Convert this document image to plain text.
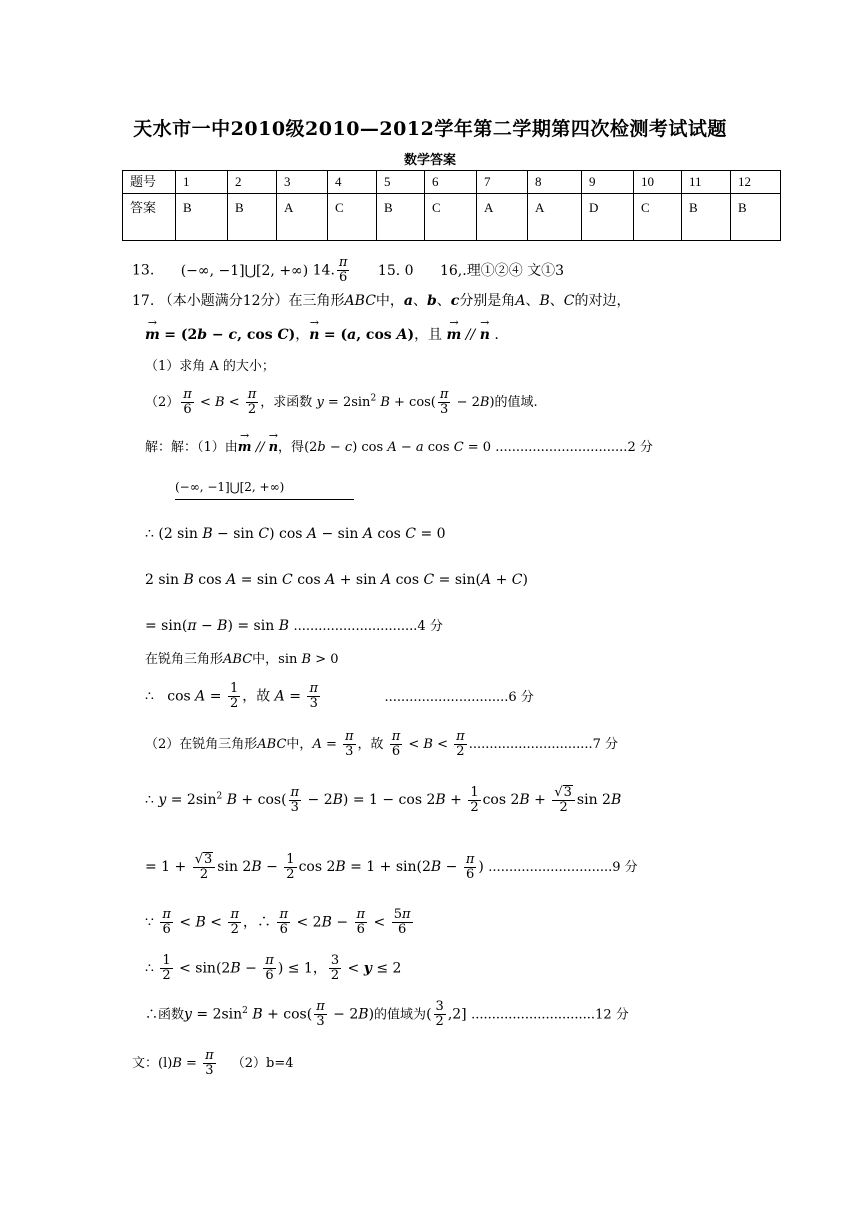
天水市一中2010级2010—2012学年第二学期第四次检测考试试题
数学答案
题号	1	2	3	4	5	6	7	8	9	10	11	12
答案	B	B	A	C	B	C	A	A	D	C	B	B
13. (−∞, −1]⋃[2, +∞) 14. $\frac{\pi}{6} 15$. 0 16,.理①②④ 文①3
17. （本小题满分12分）在三角形ABC中，a、b、c分别是角A、B、C的对边，
→ m = (2b − c, cos C)，→ n = (a, cos A)，且 → m // → n .
（1）求角 A 的大小；
$(2) \frac{\pi}{6} < B < \frac{\pi}{2}$ ，求函数 $y = 2\sin^2$ $B + \cos( \frac{\pi}{3} - 2B)$的值域.
解：解：（1）由→ m // → n，得(2b − c) cos A − a cos C = 0 ................................2 分
(−∞, −1]⋃[2, +∞)
∴ (2 sin B − sin C) cos A − sin A cos C = 0
2 sin B cos A = sin C cos A + sin A cos C = sin(A + C)
= sin(π − B) = sin B ..............................4 分
在锐角三角形ABC中，sin B > 0
∴   $\cos A = \frac{1}{2}$ ，故 $A = \frac{\pi}{3}$	..............................6 分
（2）在锐角三角形ABC中，$A = \frac{\pi}{3}$ ，故 $\frac{\pi}{6} < B < \frac{\pi}{2} ..............................7$ 分
∴ $y = 2\sin^2$ $B + \cos( \frac{\pi}{3} - 2B) = 1 - \cos 2B + \frac{1}{2}$ $\cos 2B + \frac{√3}{2}$ sin 2B
= $1 + \frac{√3}{2}$ $\sin 2B - \frac{1}{2}$ $\cos 2B = 1 + \sin(2B - \frac{\pi}{6}$ ) ..............................9 分
∵ $\frac{\pi}{6} < B < \frac{\pi}{2}$ ，∴ $\frac{\pi}{6} < 2B - \frac{\pi}{6} < \frac{5\pi}{6}$
∴ $\frac{1}{2} < \sin(2B - \frac{\pi}{6}$ ) ≤ 1， $\frac{3}{2} < y \le 2$
∴函数$y = 2\sin^2$ $B + \cos( \frac{\pi}{3} - 2B)$的值域为( $\frac{3}{2} ,2$] ..............................12 分
文：$(l)B = \frac{\pi}{3} (2)b=4$
